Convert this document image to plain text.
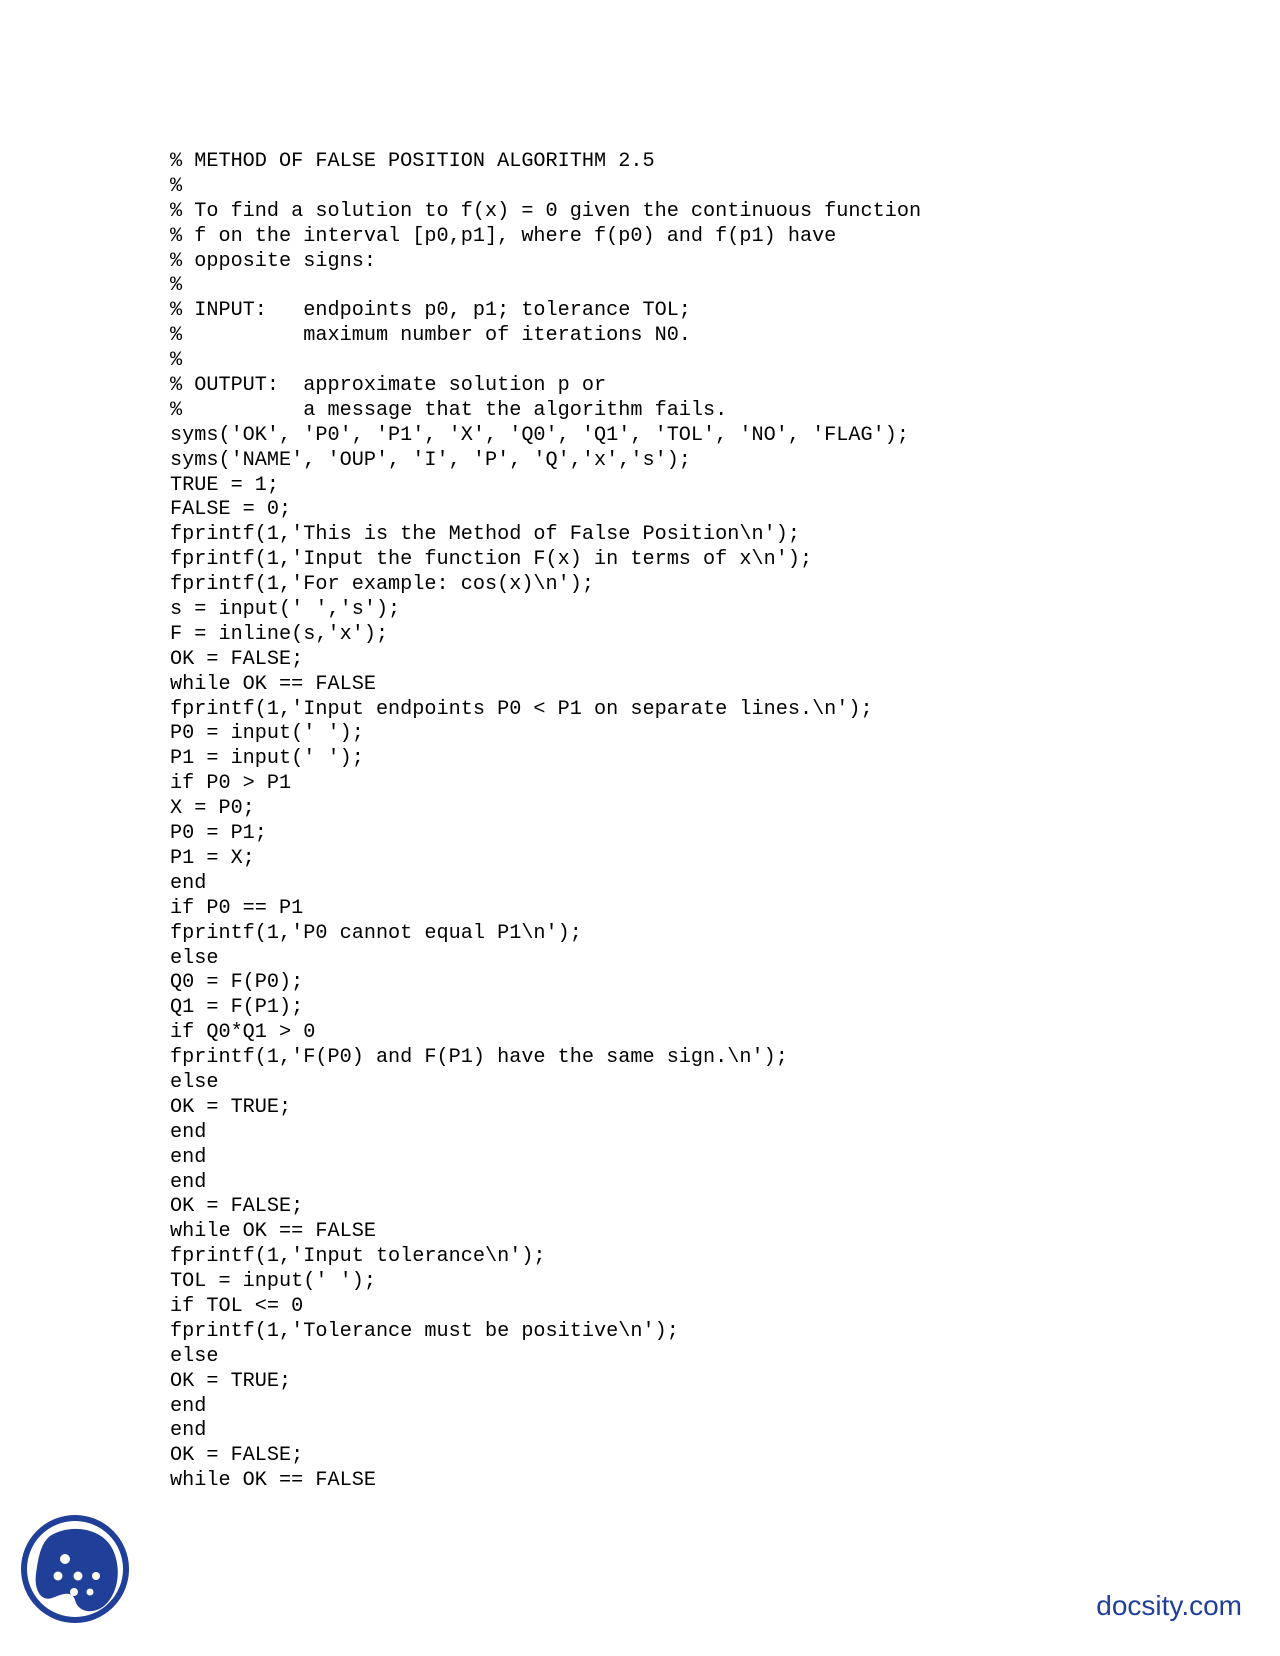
% METHOD OF FALSE POSITION ALGORITHM 2.5
%
% To find a solution to f(x) = 0 given the continuous function
% f on the interval [p0,p1], where f(p0) and f(p1) have
% opposite signs:
%
% INPUT:   endpoints p0, p1; tolerance TOL;
%          maximum number of iterations N0.
%
% OUTPUT:  approximate solution p or
%          a message that the algorithm fails.
syms('OK', 'P0', 'P1', 'X', 'Q0', 'Q1', 'TOL', 'NO', 'FLAG');
syms('NAME', 'OUP', 'I', 'P', 'Q','x','s');
TRUE = 1;
FALSE = 0;
fprintf(1,'This is the Method of False Position\n');
fprintf(1,'Input the function F(x) in terms of x\n');
fprintf(1,'For example: cos(x)\n');
s = input(' ','s');
F = inline(s,'x');
OK = FALSE;
while OK == FALSE
fprintf(1,'Input endpoints P0 < P1 on separate lines.\n');
P0 = input(' ');
P1 = input(' ');
if P0 > P1
X = P0;
P0 = P1;
P1 = X;
end
if P0 == P1
fprintf(1,'P0 cannot equal P1\n');
else
Q0 = F(P0);
Q1 = F(P1);
if Q0*Q1 > 0
fprintf(1,'F(P0) and F(P1) have the same sign.\n');
else
OK = TRUE;
end
end
end
OK = FALSE;
while OK == FALSE
fprintf(1,'Input tolerance\n');
TOL = input(' ');
if TOL <= 0
fprintf(1,'Tolerance must be positive\n');
else
OK = TRUE;
end
end
OK = FALSE;
while OK == FALSE
docsity.com
